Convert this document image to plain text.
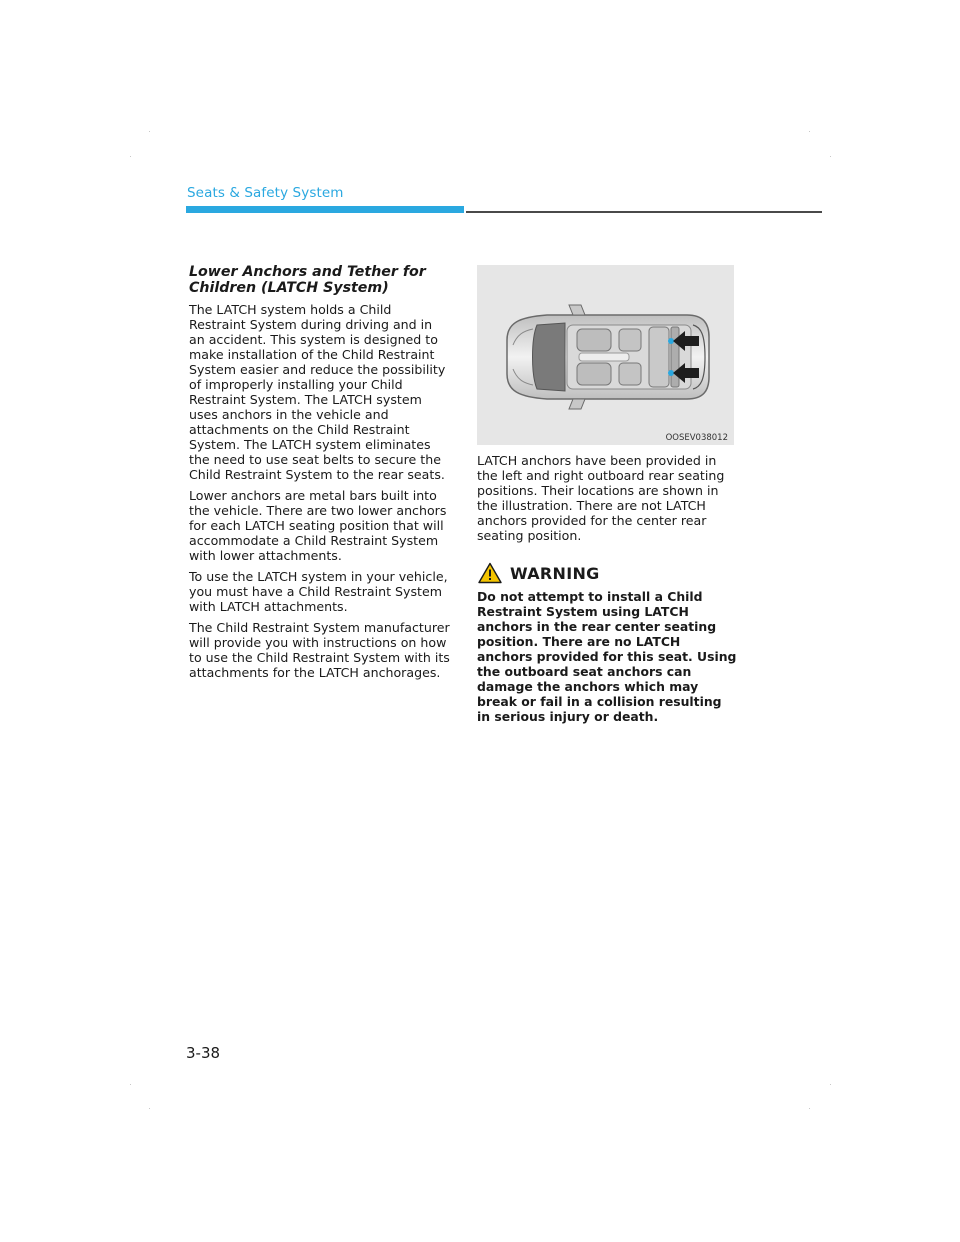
Seats & Safety System
Lower Anchors and Tether for
Children (LATCH System)

The LATCH system holds a Child Restraint System during driving and in an accident. This system is designed to make installation of the Child Restraint System easier and reduce the possibility of improperly installing your Child Restraint System. The LATCH system uses anchors in the vehicle and attachments on the Child Restraint System. The LATCH system eliminates the need to use seat belts to secure the Child Restraint System to the rear seats.

Lower anchors are metal bars built into the vehicle. There are two lower anchors for each LATCH seating position that will accommodate a Child Restraint System with lower attachments.

To use the LATCH system in your vehicle, you must have a Child Restraint System with LATCH attachments.

The Child Restraint System manufacturer will provide you with instructions on how to use the Child Restraint System with its attachments for the LATCH anchorages.

OOSEV038012

LATCH anchors have been provided in the left and right outboard rear seating positions. Their locations are shown in the illustration. There are not LATCH anchors provided for the center rear seating position.

WARNING
Do not attempt to install a Child Restraint System using LATCH anchors in the rear center seating position. There are no LATCH anchors provided for this seat. Using the outboard seat anchors can damage the anchors which may break or fail in a collision resulting in serious injury or death.
3-38
